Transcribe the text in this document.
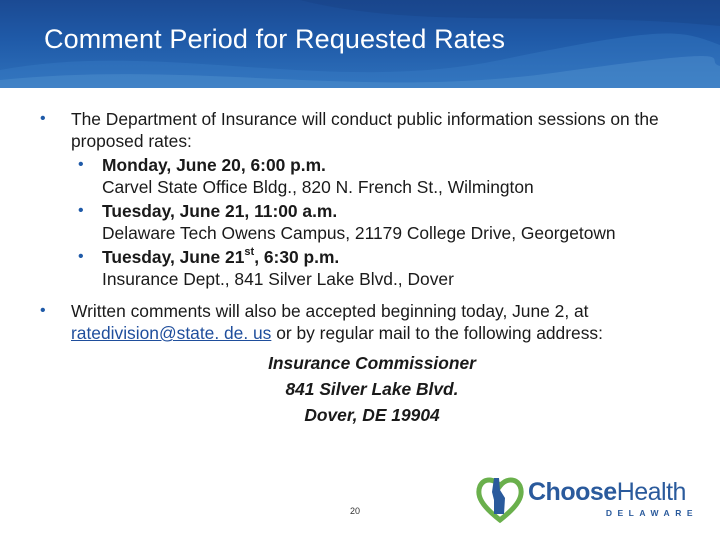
Comment Period for Requested Rates
• The Department of Insurance will conduct public information sessions on the proposed rates:
• Monday, June 20, 6:00 p.m.
Carvel State Office Bldg., 820 N. French St., Wilmington
• Tuesday, June 21, 11:00 a.m.
Delaware Tech Owens Campus, 21179 College Drive, Georgetown
• Tuesday, June 21st, 6:30 p.m.
Insurance Dept., 841 Silver Lake Blvd., Dover
• Written comments will also be accepted beginning today, June 2, at
ratedivision@state. de. us or by regular mail to the following address:
Insurance Commissioner
841 Silver Lake Blvd.
Dover, DE 19904
20
ChooseHealth
DELAWARE
